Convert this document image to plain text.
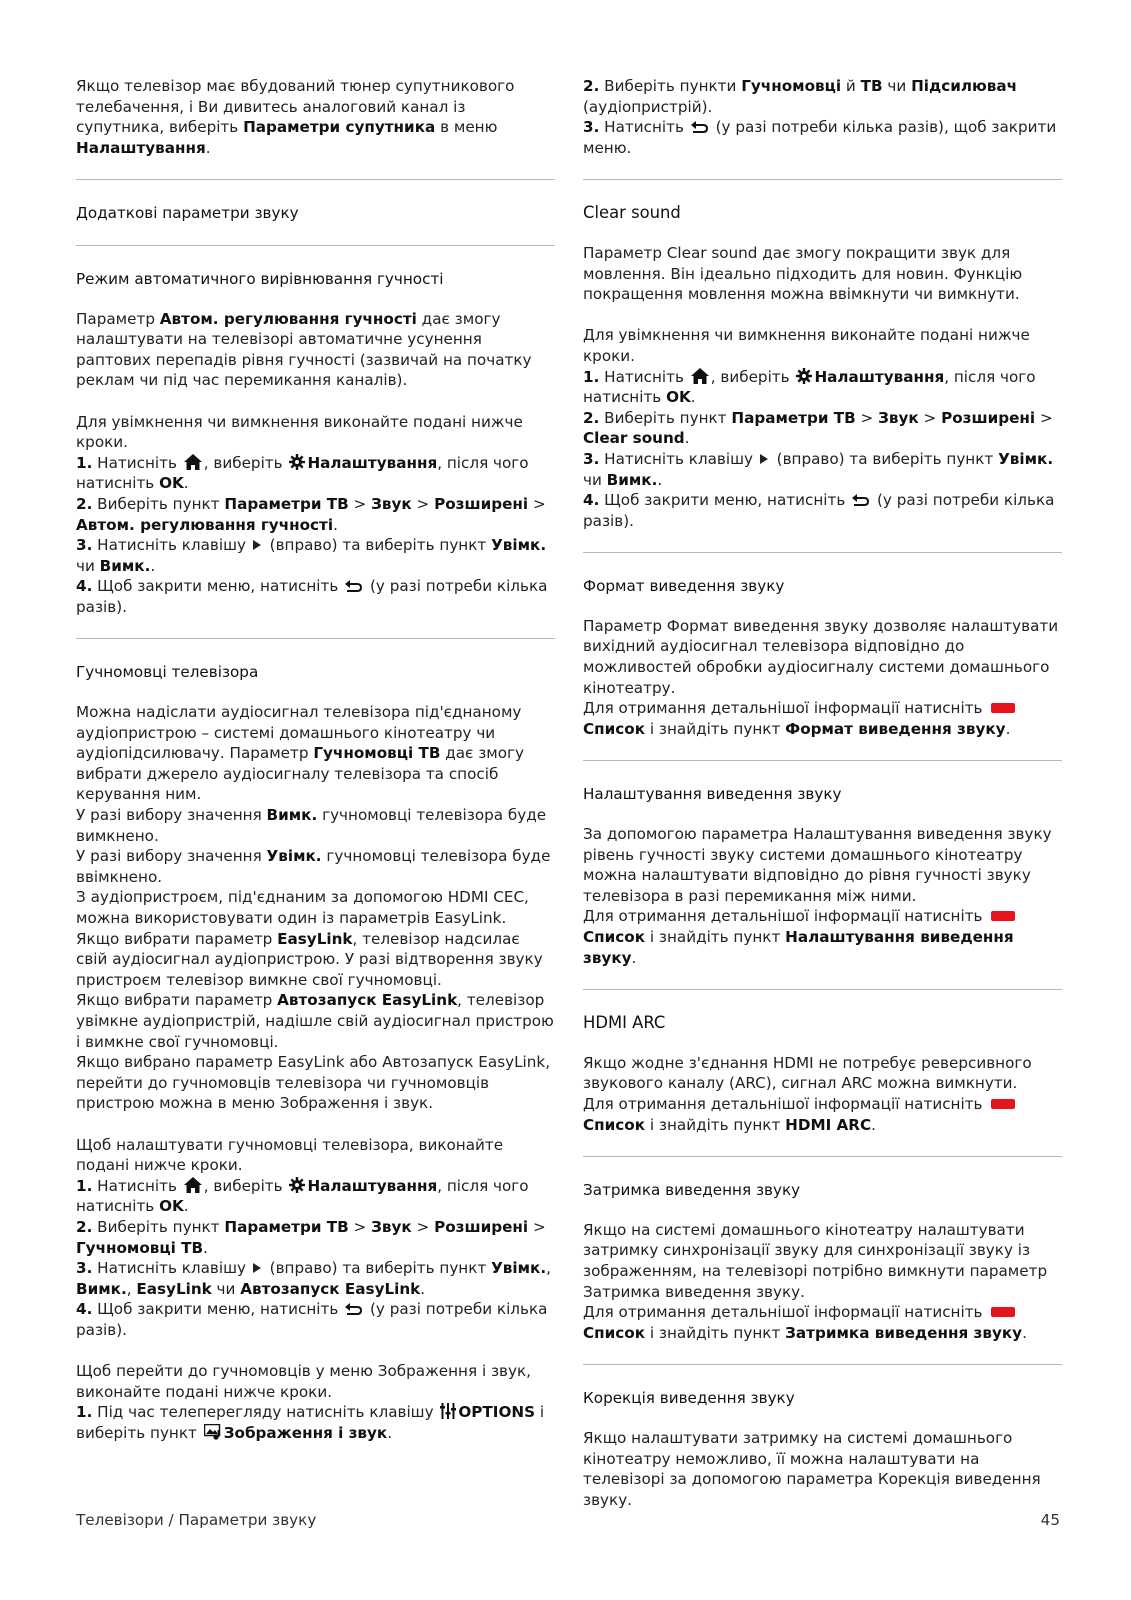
Якщо телевізор має вбудований тюнер супутникового телебачення, і Ви дивитесь аналоговий канал із супутника, виберіть Параметри супутника в меню Налаштування.

Додаткові параметри звуку
Режим автоматичного вирівнювання гучності

Параметр Автом. регулювання гучності дає змогу налаштувати на телевізорі автоматичне усунення раптових перепадів рівня гучності (зазвичай на початку реклам чи під час перемикання каналів).

Для увімкнення чи вимкнення виконайте подані нижче кроки.

1. Натисніть , виберіть Налаштування, після чого натисніть OK.

2. Виберіть пункт Параметри ТВ > Звук > Розширені > Автом. регулювання гучності.

3. Натисніть клавішу  (вправо) та виберіть пункт Увімк. чи Вимк..

4. Щоб закрити меню, натисніть  (у разі потреби кілька разів).

Гучномовці телевізора

Можна надіслати аудіосигнал телевізора під'єднаному аудіопристрою – системі домашнього кінотеатру чи аудіопідсилювачу. Параметр Гучномовці ТВ дає змогу вибрати джерело аудіосигналу телевізора та спосіб керування ним.

У разі вибору значення Вимк. гучномовці телевізора буде вимкнено.

У разі вибору значення Увімк. гучномовці телевізора буде ввімкнено.

З аудіопристроєм, під'єднаним за допомогою HDMI CEC, можна використовувати один із параметрів EasyLink.

Якщо вибрати параметр EasyLink, телевізор надсилає свій аудіосигнал аудіопристрою. У разі відтворення звуку пристроєм телевізор вимкне свої гучномовці.

Якщо вибрати параметр Автозапуск EasyLink, телевізор увімкне аудіопристрій, надішле свій аудіосигнал пристрою і вимкне свої гучномовці.

Якщо вибрано параметр EasyLink або Автозапуск EasyLink, перейти до гучномовців телевізора чи гучномовців пристрою можна в меню Зображення і звук.

Щоб налаштувати гучномовці телевізора, виконайте подані нижче кроки.

1. Натисніть , виберіть Налаштування, після чого натисніть OK.

2. Виберіть пункт Параметри ТВ > Звук > Розширені > Гучномовці ТВ.

3. Натисніть клавішу  (вправо) та виберіть пункт Увімк., Вимк., EasyLink чи Автозапуск EasyLink.

4. Щоб закрити меню, натисніть  (у разі потреби кілька разів).

Щоб перейти до гучномовців у меню Зображення і звук, виконайте подані нижче кроки.

1. Під час телеперегляду натисніть клавішу OPTIONS і виберіть пункт Зображення і звук.

2. Виберіть пункти Гучномовці й ТВ чи Підсилювач (аудіопристрій).

3. Натисніть  (у разі потреби кілька разів), щоб закрити меню.

Clear sound

Параметр Clear sound дає змогу покращити звук для мовлення. Він ідеально підходить для новин. Функцію покращення мовлення можна ввімкнути чи вимкнути.

Для увімкнення чи вимкнення виконайте подані нижче кроки.

1. Натисніть , виберіть Налаштування, після чого натисніть OK.

2. Виберіть пункт Параметри ТВ > Звук > Розширені > Clear sound.

3. Натисніть клавішу  (вправо) та виберіть пункт Увімк. чи Вимк..

4. Щоб закрити меню, натисніть  (у разі потреби кілька разів).

Формат виведення звуку

Параметр Формат виведення звуку дозволяє налаштувати вихідний аудіосигнал телевізора відповідно до можливостей обробки аудіосигналу системи домашнього кінотеатру.

Для отримання детальнішої інформації натисніть
Список і знайдіть пункт Формат виведення звуку.

Налаштування виведення звуку

За допомогою параметра Налаштування виведення звуку рівень гучності звуку системи домашнього кінотеатру можна налаштувати відповідно до рівня гучності звуку телевізора в разі перемикання між ними.

Для отримання детальнішої інформації натисніть
Список і знайдіть пункт Налаштування виведення звуку.

HDMI ARC

Якщо жодне з'єднання HDMI не потребує реверсивного звукового каналу (ARC), сигнал ARC можна вимкнути.

Для отримання детальнішої інформації натисніть
Список і знайдіть пункт HDMI ARC.

Затримка виведення звуку

Якщо на системі домашнього кінотеатру налаштувати затримку синхронізації звуку для синхронізації звуку із зображенням, на телевізорі потрібно вимкнути параметр Затримка виведення звуку.

Для отримання детальнішої інформації натисніть
Список і знайдіть пункт Затримка виведення звуку.

Корекція виведення звуку

Якщо налаштувати затримку на системі домашнього кінотеатру неможливо, її можна налаштувати на телевізорі за допомогою параметра Корекція виведення звуку.

Телевізори / Параметри звуку	45
